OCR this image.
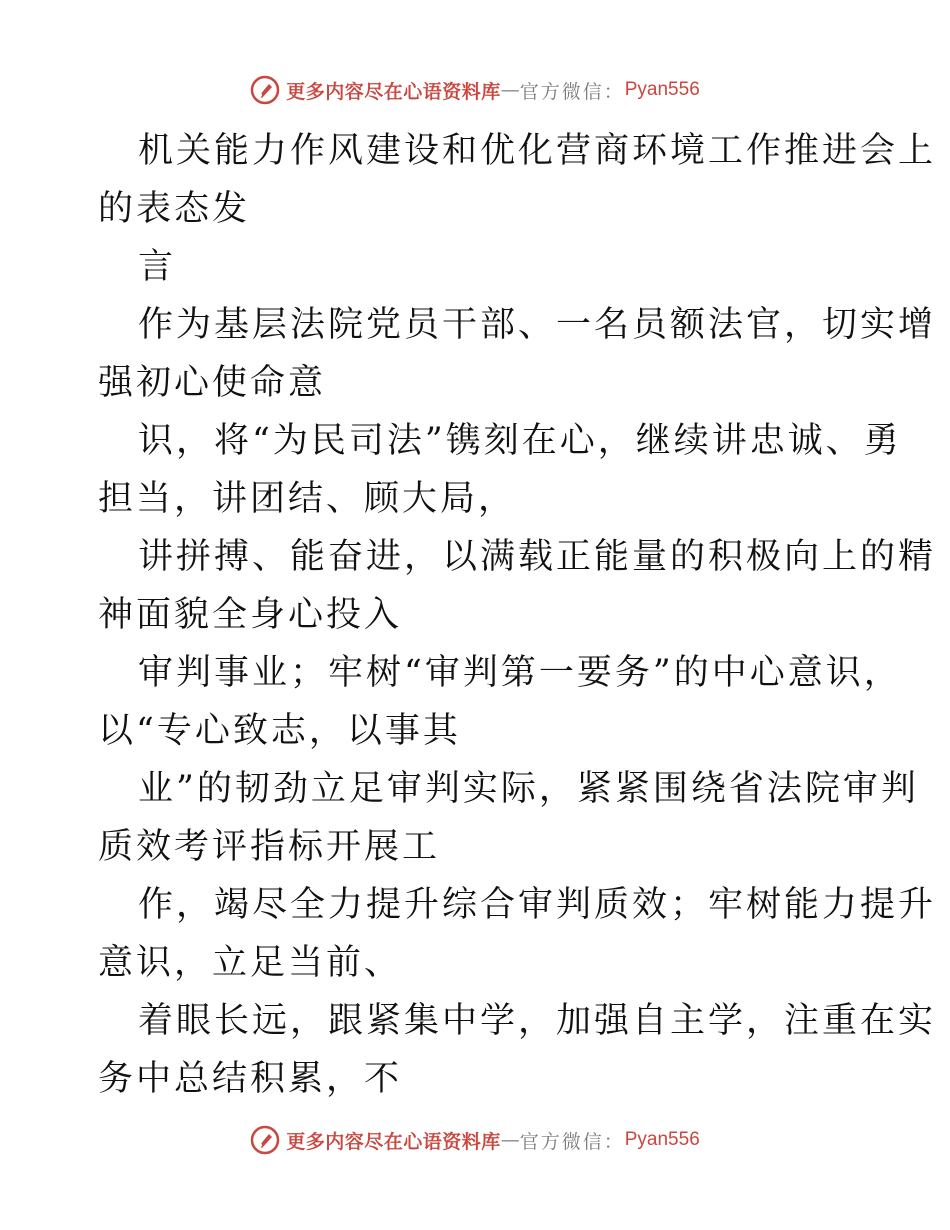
更多内容尽在心语资料库 — 官方微信： Pyan556
机关能力作风建设和优化营商环境工作推进会上
的表态发
言
作为基层法院党员干部、一名员额法官，切实增
强初心使命意
识，将“为民司法”镌刻在心，继续讲忠诚、勇
担当，讲团结、顾大局，
讲拼搏、能奋进，以满载正能量的积极向上的精
神面貌全身心投入
审判事业；牢树“审判第一要务”的中心意识，
以“专心致志，以事其
业”的韧劲立足审判实际，紧紧围绕省法院审判
质效考评指标开展工
作，竭尽全力提升综合审判质效；牢树能力提升
意识，立足当前、
着眼长远，跟紧集中学，加强自主学，注重在实
务中总结积累，不
更多内容尽在心语资料库 — 官方微信： Pyan556
